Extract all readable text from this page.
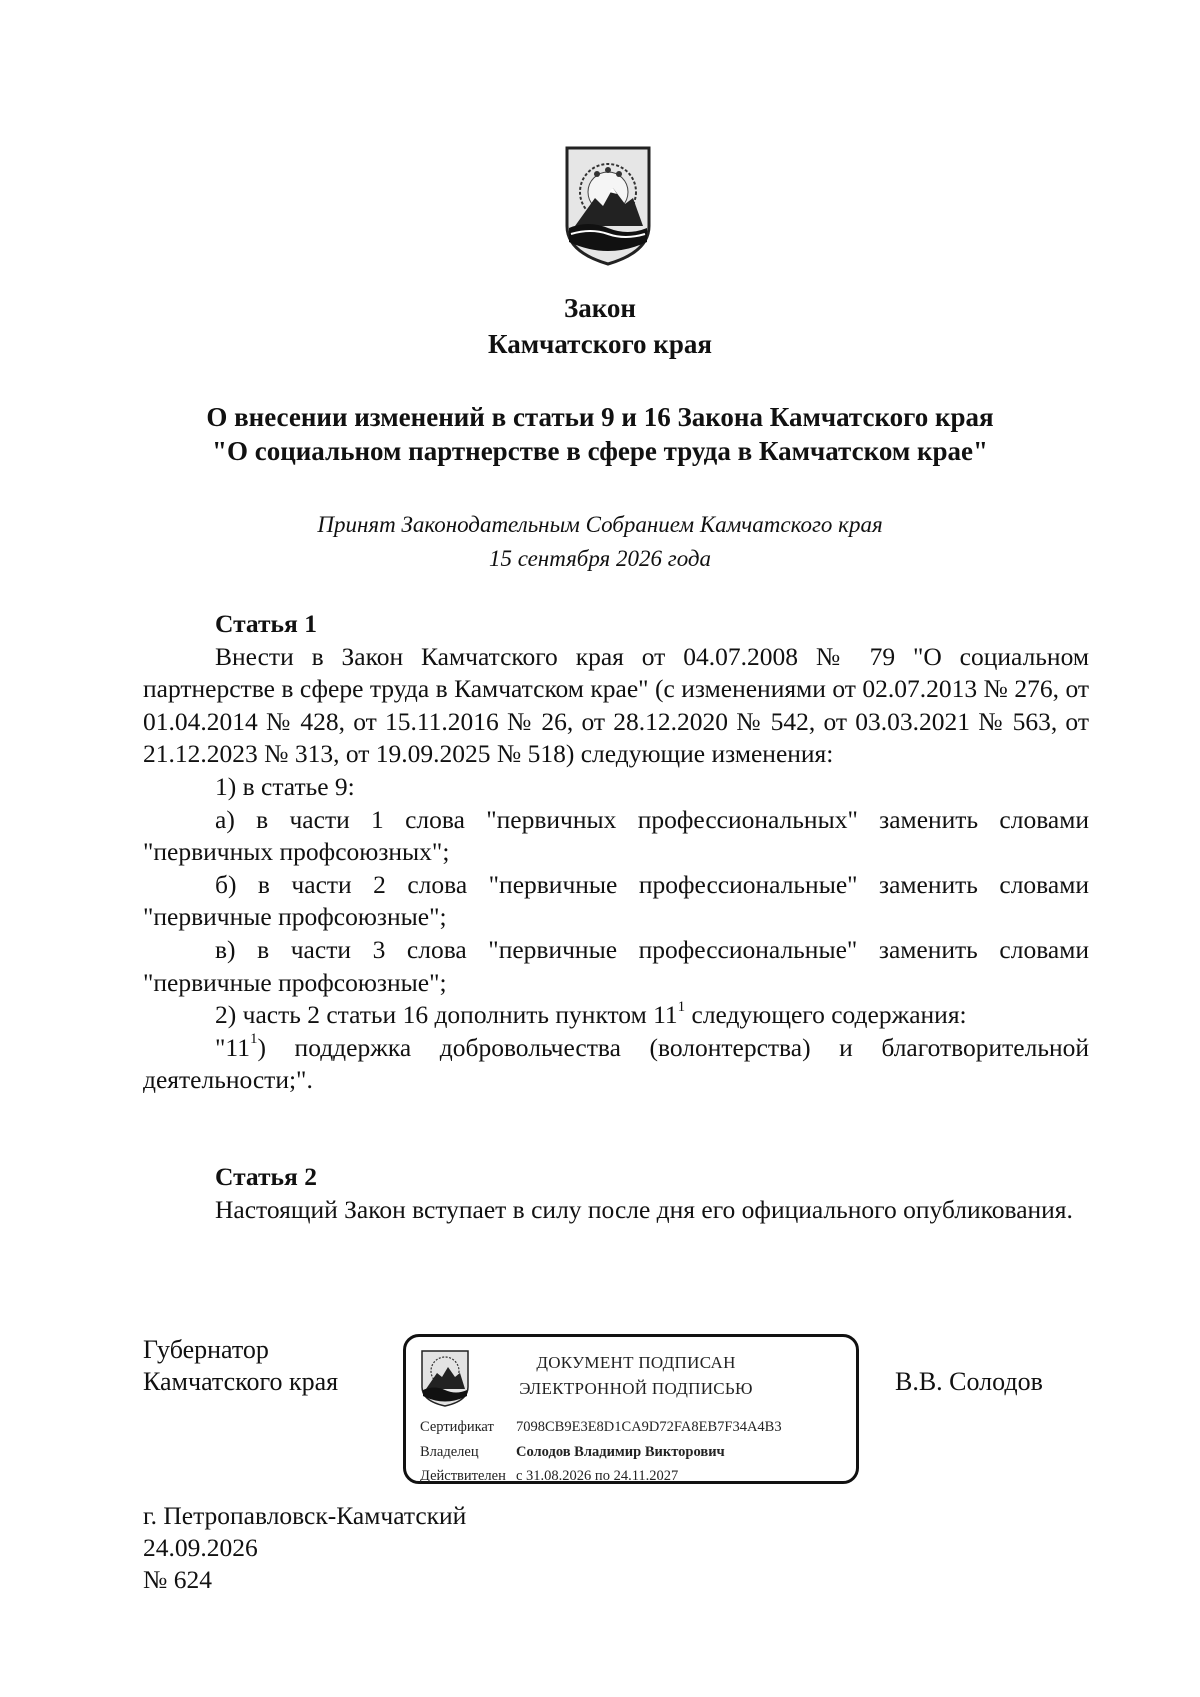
Закон
Камчатского края
О внесении изменений в статьи 9 и 16 Закона Камчатского края
"О социальном партнерстве в сфере труда в Камчатском крае"
Принят Законодательным Собранием Камчатского края
15 сентября 2026 года
Статья 1

Внести в Закон Камчатского края от 04.07.2008 № 79 "О социальном партнерстве в сфере труда в Камчатском крае" (с изменениями от 02.07.2013 № 276, от 01.04.2014 № 428, от 15.11.2016 № 26, от 28.12.2020 № 542, от 03.03.2021 № 563, от 21.12.2023 № 313, от 19.09.2025 № 518) следующие изменения:

1) в статье 9:

а) в части 1 слова "первичных профессиональных" заменить словами "первичных профсоюзных";

б) в части 2 слова "первичные профессиональные" заменить словами "первичные профсоюзные";

в) в части 3 слова "первичные профессиональные" заменить словами "первичные профсоюзные";

2) часть 2 статьи 16 дополнить пунктом $11^1$ следующего содержания:

"$11^1$) поддержка добровольчества (волонтерства) и благотворительной деятельности;".

Статья 2

Настоящий Закон вступает в силу после дня его официального опубликования.

Губернатор
Камчатского края
ДОКУМЕНТ ПОДПИСАН
ЭЛЕКТРОННОЙ ПОДПИСЬЮ
Сертификат 7098CB9E3E8D1CA9D72FA8EB7F34A4B3
Владелец	Солодов Владимир Викторович
Действителен с 31.08.2026 по 24.11.2027
В.В. Солодов
г. Петропавловск-Камчатский
24.09.2026
№ 624
